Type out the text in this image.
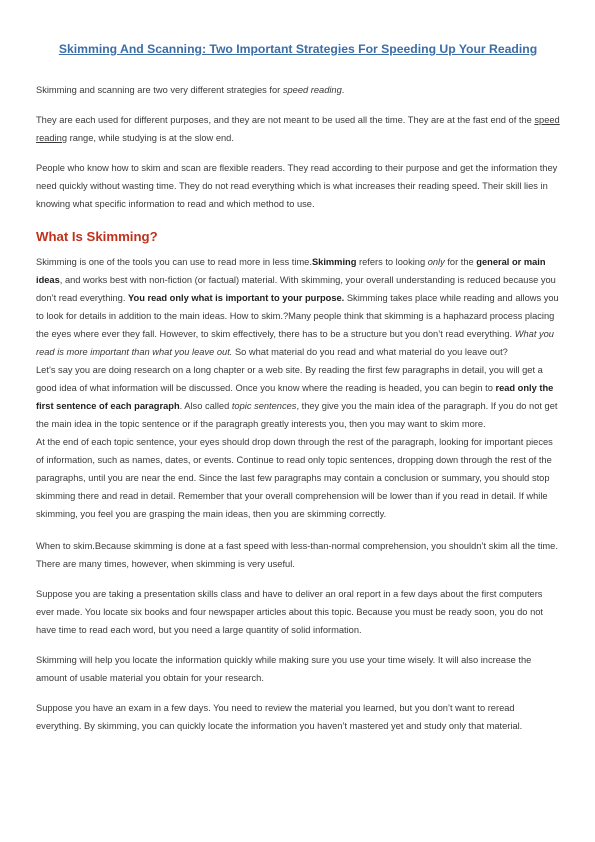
Skimming And Scanning: Two Important Strategies For Speeding Up Your Reading

Skimming and scanning are two very different strategies for speed reading.

They are each used for different purposes, and they are not meant to be used all the time. They are at the fast end of the speed reading range, while studying is at the slow end.

People who know how to skim and scan are flexible readers. They read according to their purpose and get the information they need quickly without wasting time. They do not read everything which is what increases their reading speed. Their skill lies in knowing what specific information to read and which method to use.

What Is Skimming?

Skimming is one of the tools you can use to read more in less time.Skimming refers to looking only for the general or main ideas, and works best with non-fiction (or factual) material. With skimming, your overall understanding is reduced because you don’t read everything. You read only what is important to your purpose. Skimming takes place while reading and allows you to look for details in addition to the main ideas. How to skim.?Many people think that skimming is a haphazard process placing the eyes where ever they fall. However, to skim effectively, there has to be a structure but you don’t read everything. What you read is more important than what you leave out. So what material do you read and what material do you leave out?

Let’s say you are doing research on a long chapter or a web site. By reading the first few paragraphs in detail, you will get a good idea of what information will be discussed. Once you know where the reading is headed, you can begin to read only the first sentence of each paragraph. Also called topic sentences, they give you the main idea of the paragraph. If you do not get the main idea in the topic sentence or if the paragraph greatly interests you, then you may want to skim more.

At the end of each topic sentence, your eyes should drop down through the rest of the paragraph, looking for important pieces of information, such as names, dates, or events. Continue to read only topic sentences, dropping down through the rest of the paragraphs, until you are near the end. Since the last few paragraphs may contain a conclusion or summary, you should stop skimming there and read in detail. Remember that your overall comprehension will be lower than if you read in detail. If while skimming, you feel you are grasping the main ideas, then you are skimming correctly.

When to skim.Because skimming is done at a fast speed with less-than-normal comprehension, you shouldn’t skim all the time. There are many times, however, when skimming is very useful.

Suppose you are taking a presentation skills class and have to deliver an oral report in a few days about the first computers ever made. You locate six books and four newspaper articles about this topic. Because you must be ready soon, you do not have time to read each word, but you need a large quantity of solid information.

Skimming will help you locate the information quickly while making sure you use your time wisely. It will also increase the amount of usable material you obtain for your research.

Suppose you have an exam in a few days. You need to review the material you learned, but you don’t want to reread everything. By skimming, you can quickly locate the information you haven’t mastered yet and study only that material.
